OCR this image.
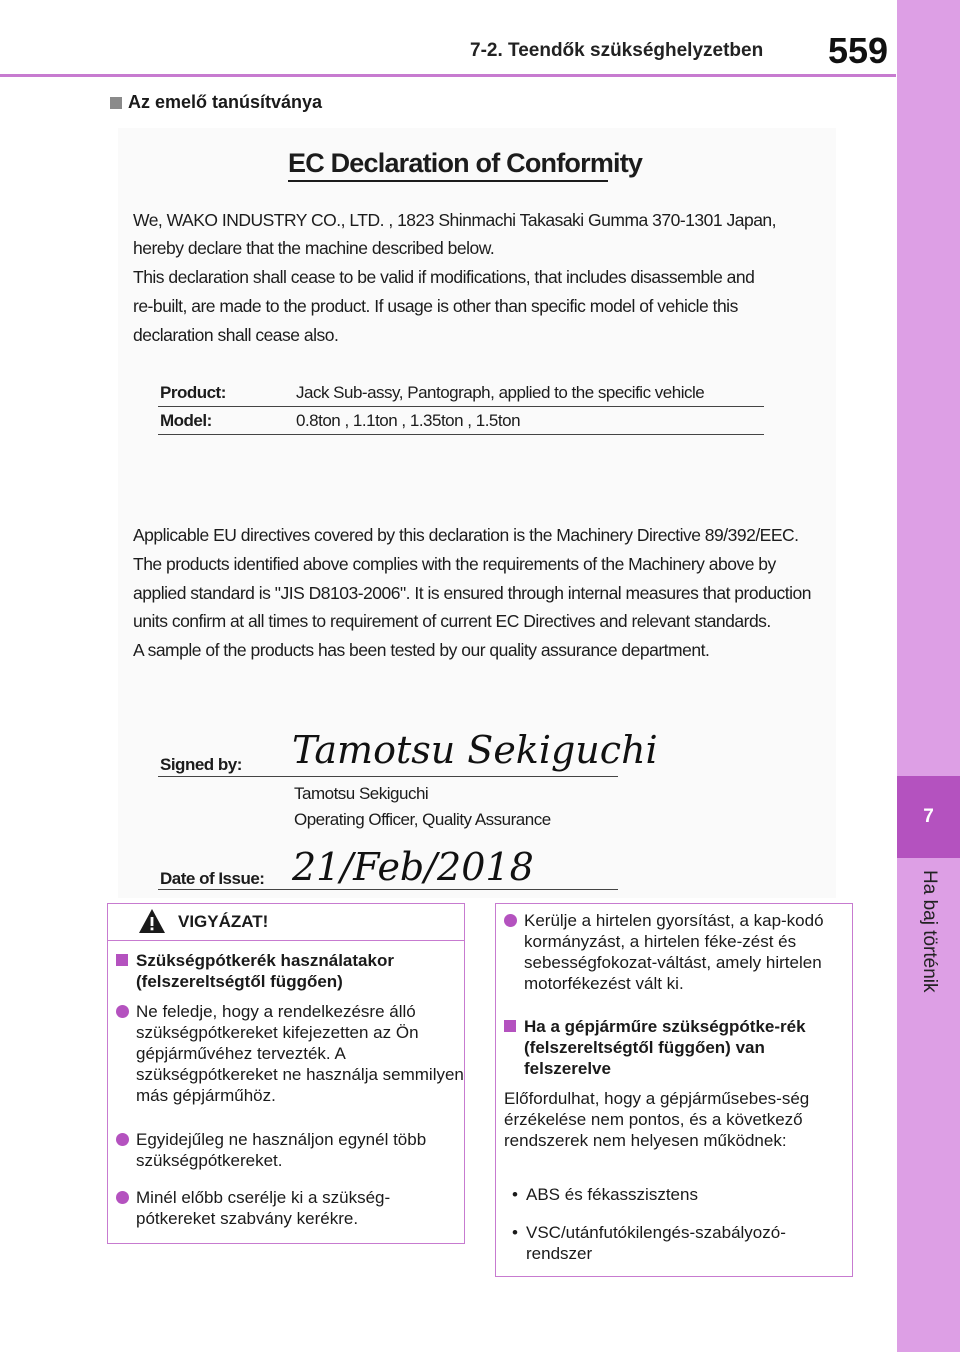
7-2. Teendők szükséghelyzetben 559
7
Ha baj történik
Az emelő tanúsítványa
EC Declaration of Conformity
We, WAKO INDUSTRY CO., LTD. , 1823 Shinmachi Takasaki Gumma 370-1301 Japan,
hereby declare that the machine described below.
This declaration shall cease to be valid if modifications, that includes disassemble and
re-built, are made to the product. If usage is other than specific model of vehicle this
declaration shall cease also.
Product:	Jack Sub-assy, Pantograph, applied to the specific vehicle
Model:	0.8ton , 1.1ton , 1.35ton , 1.5ton
Applicable EU directives covered by this declaration is the Machinery Directive 89/392/EEC.
The products identified above complies with the requirements of the Machinery above by
applied standard is "JIS D8103-2006". It is ensured through internal measures that production
units confirm at all times to requirement of current EC Directives and relevant standards.
A sample of the products has been tested by our quality assurance department.
Signed by: Tamotsu Sekiguchi
Tamotsu Sekiguchi
Operating Officer, Quality Assurance
Date of Issue: 21/Feb/2018
VIGYÁZAT!
Szükségpótkerék használatakor (felszereltségtől függően)
Ne feledje, hogy a rendelkezésre álló szükségpótkereket kifejezetten az Ön gépjárművéhez tervezték. A szükségpótkereket ne használja semmilyen más gépjárműhöz.
Egyidejűleg ne használjon egynél több szükségpótkereket.
Minél előbb cserélje ki a szükség-pótkereket szabvány kerékre.
Kerülje a hirtelen gyorsítást, a kap-kodó kormányzást, a hirtelen féke-zést és sebességfokozat-váltást, amely hirtelen motorfékezést vált ki.
Ha a gépjárműre szükségpótke-rék (felszereltségtől függően) van felszerelve
Előfordulhat, hogy a gépjárműsebes-ség érzékelése nem pontos, és a következő rendszerek nem helyesen működnek:
• ABS és fékasszisztens
• VSC/utánfutókilengés-szabályozó-rendszer
